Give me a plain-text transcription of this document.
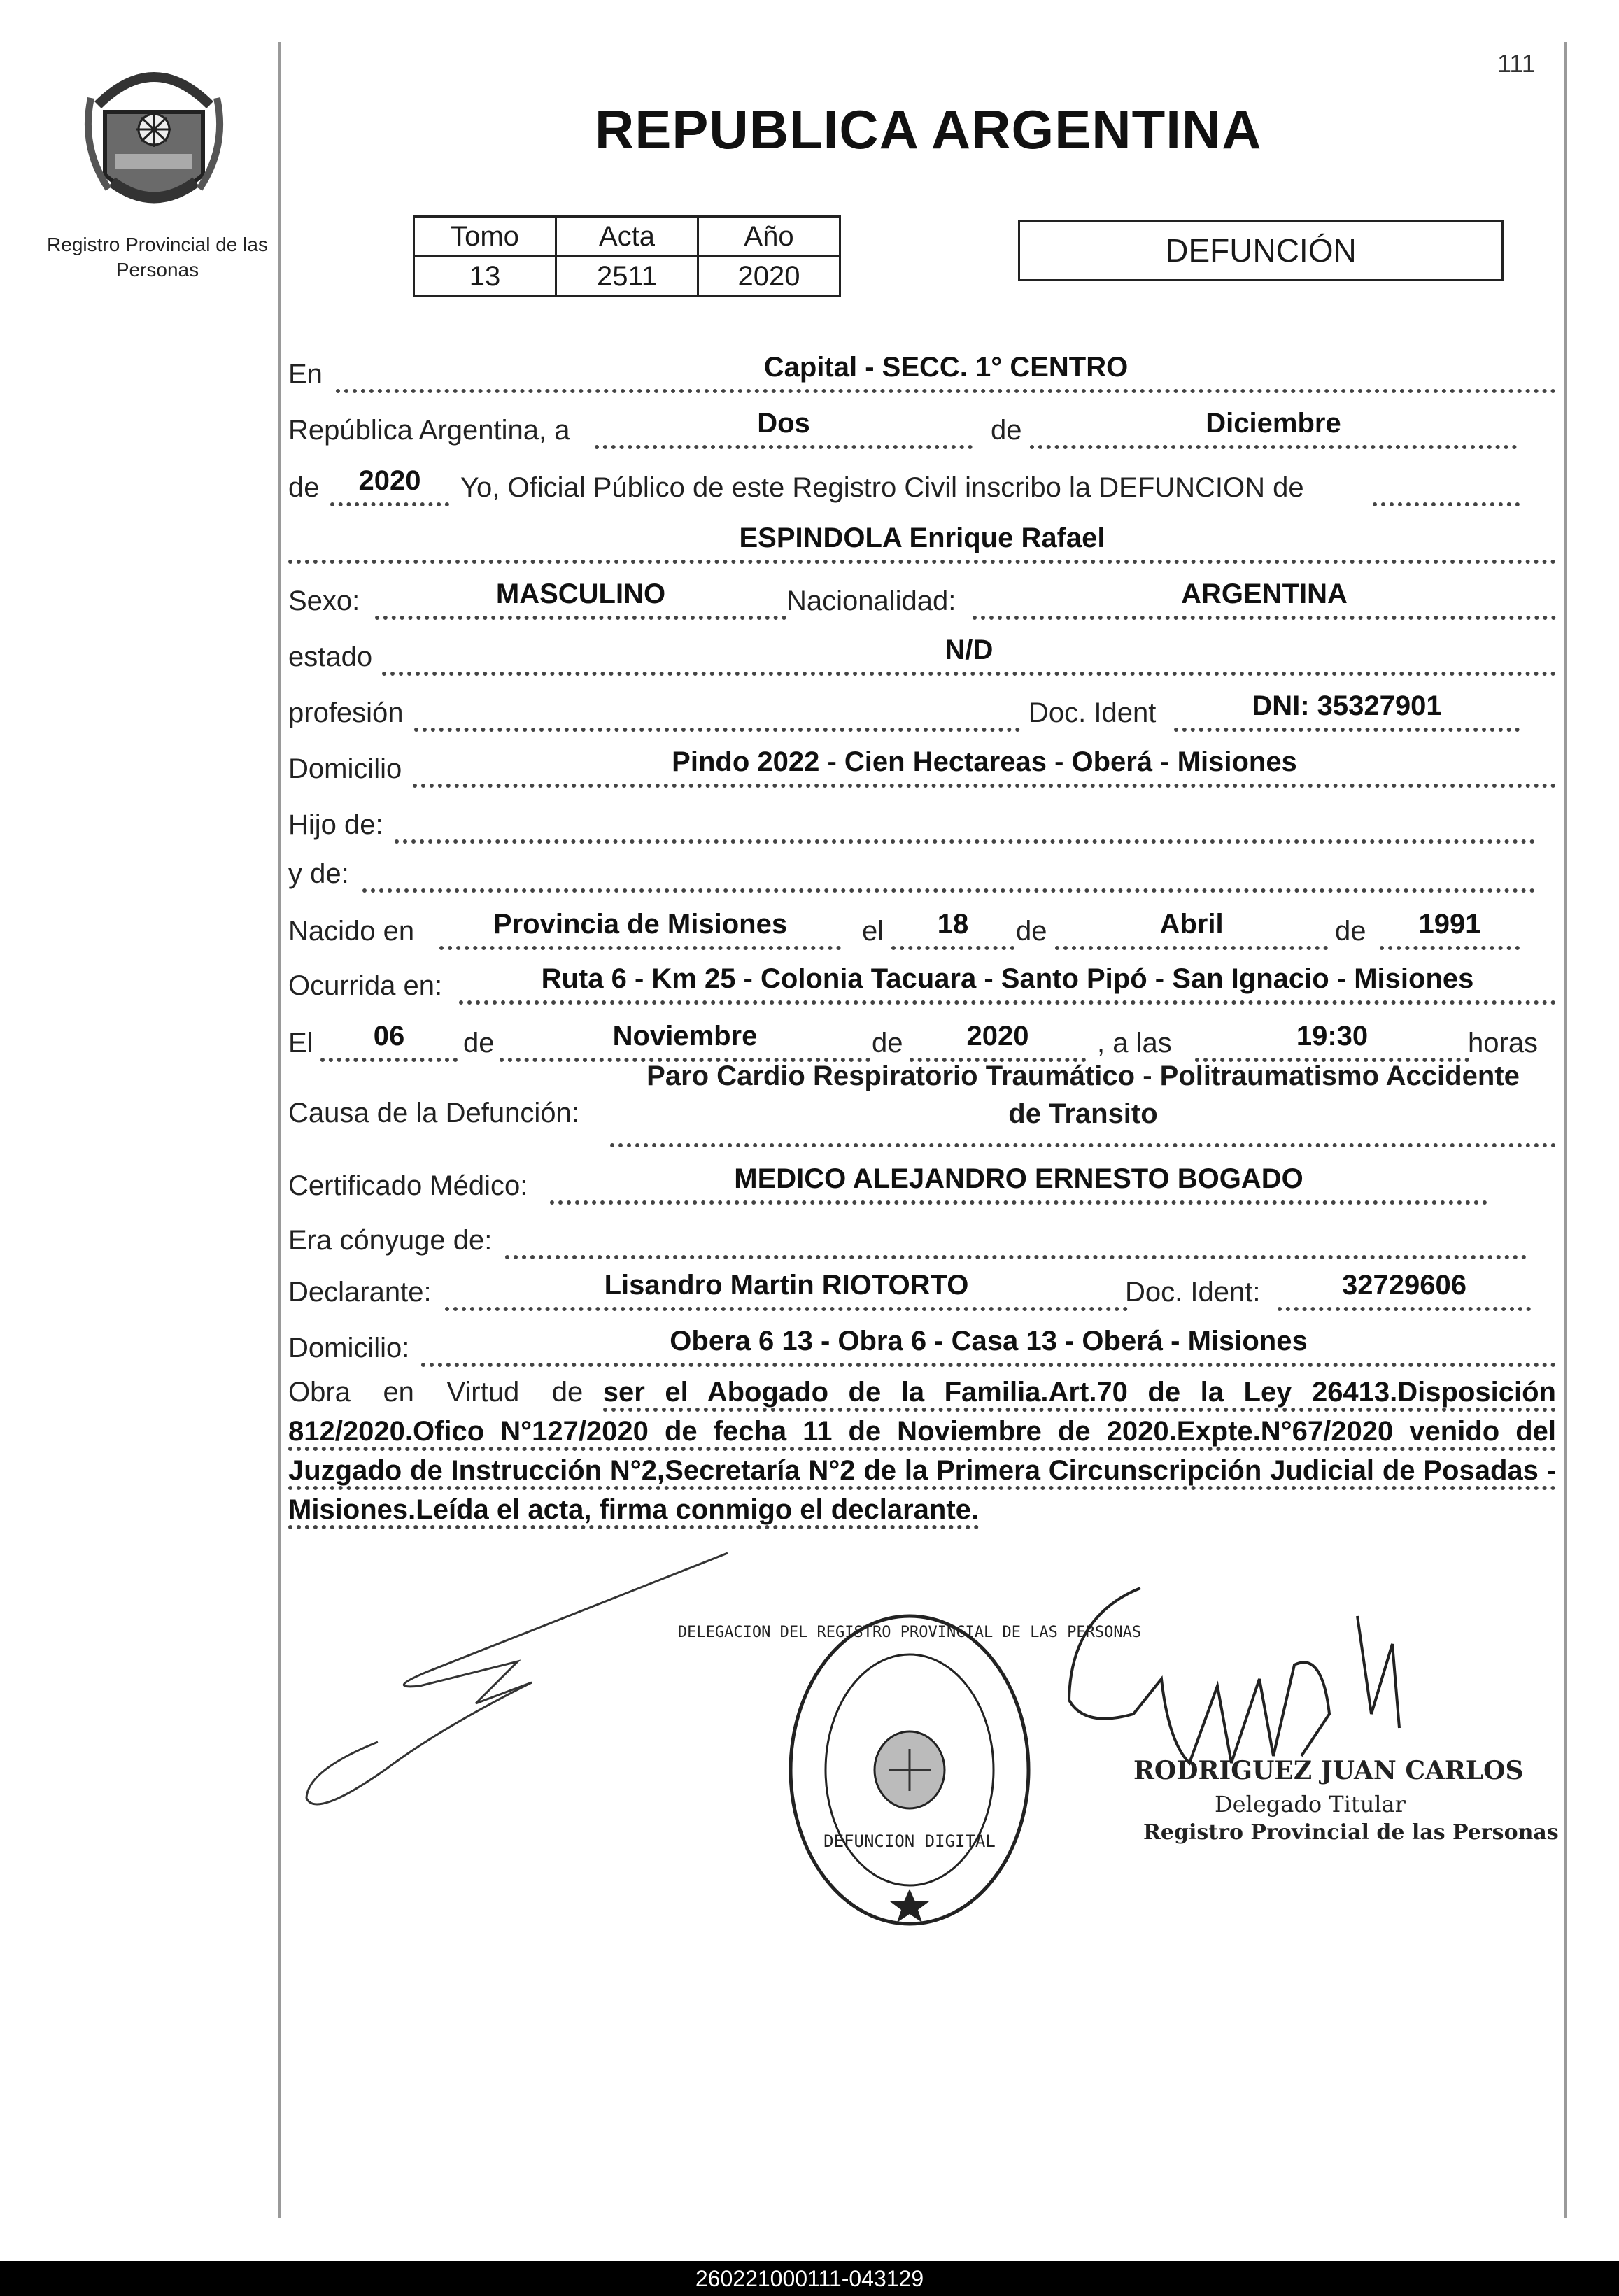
111
Registro Provincial de las Personas
REPUBLICA ARGENTINA
Tomo	Acta	Año
13	2511	2020
DEFUNCIÓN
En	Capital - SECC. 1° CENTRO
República Argentina, a	Dos	de	Diciembre
de	2020	Yo, Oficial Público de este Registro Civil inscribo la DEFUNCION de
ESPINDOLA Enrique Rafael
Sexo:	MASCULINO	Nacionalidad:	ARGENTINA
estado	N/D
profesión	Doc. Ident	DNI: 35327901
Domicilio	Pindo 2022 - Cien Hectareas - Oberá - Misiones
Hijo de:
y de:
Nacido en	Provincia de Misiones	el	18	de	Abril	de	1991
Ocurrida en:	Ruta 6 - Km 25 - Colonia Tacuara - Santo Pipó - San Ignacio - Misiones
El	06	de	Noviembre	de	2020	, a las	19:30	horas
Causa de la Defunción:
Paro Cardio Respiratorio Traumático - Politraumatismo Accidente
de Transito
Certificado Médico:	MEDICO ALEJANDRO ERNESTO BOGADO
Era cónyuge de:
Declarante:	Lisandro Martin RIOTORTO	Doc. Ident:	32729606
Domicilio:	Obera 6 13 - Obra 6 - Casa 13 - Oberá - Misiones
Obra en Virtud de ser el Abogado de la Familia.Art.70 de la Ley 26413.Disposición 812/2020.Ofico N°127/2020 de fecha 11 de Noviembre de 2020.Expte.N°67/2020 venido del Juzgado de Instrucción N°2,Secretaría N°2 de la Primera Circunscripción Judicial de Posadas - Misiones.Leída el acta, firma conmigo el declarante.
DELEGACION DEL REGISTRO PROVINCIAL DE LAS PERSONAS
DEFUNCION DIGITAL
RODRIGUEZ JUAN CARLOS
Delegado Titular
Registro Provincial de las Personas
260221000111-043129
